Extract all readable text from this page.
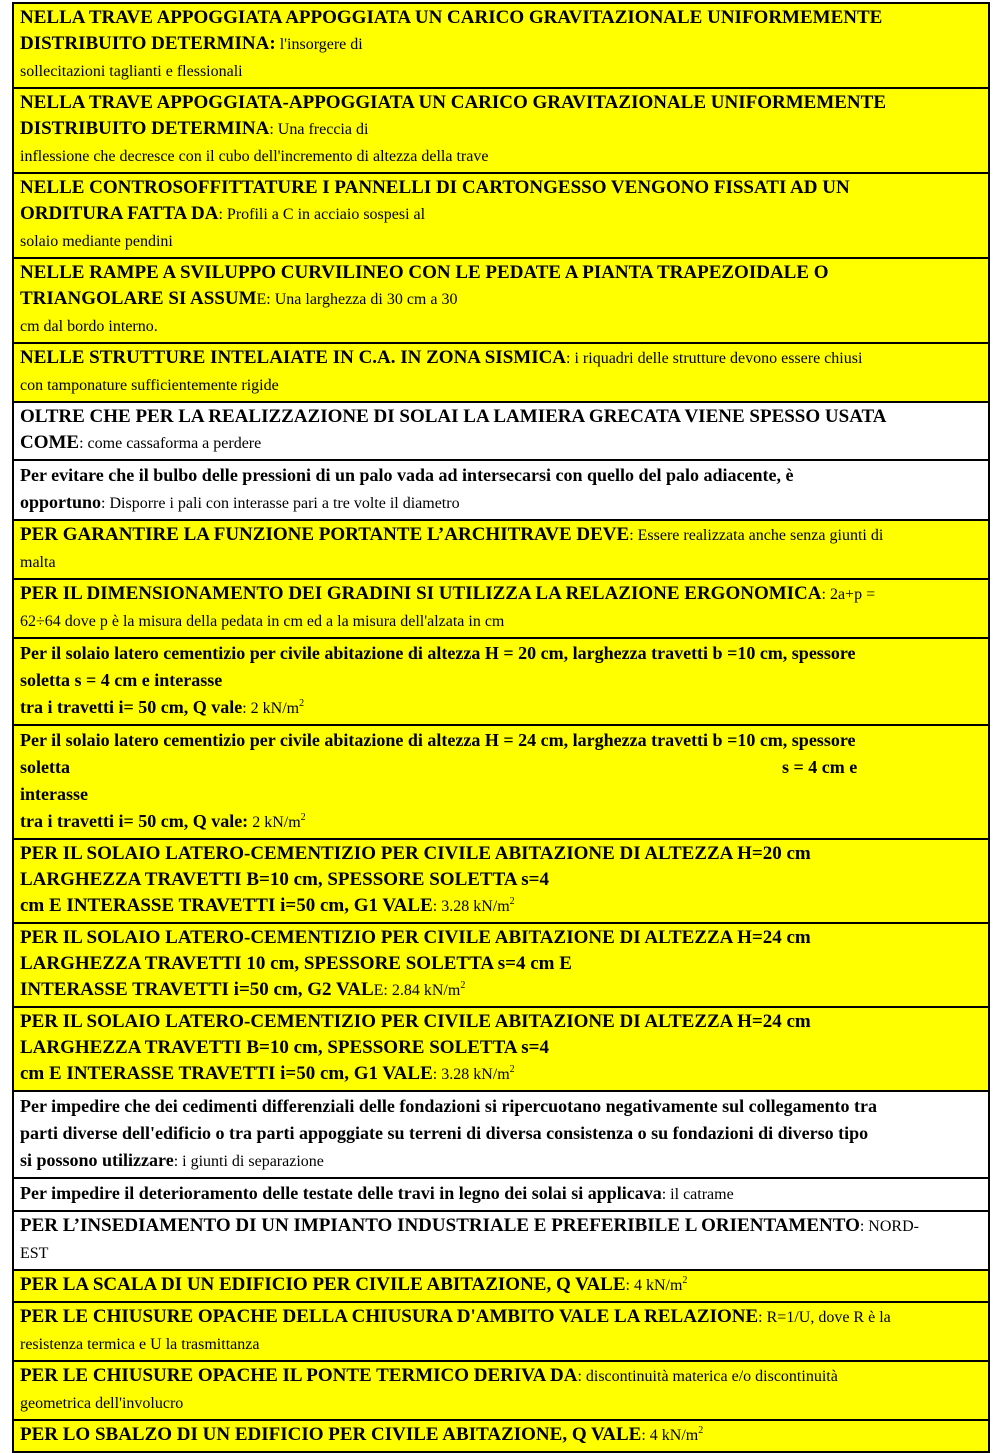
NELLA TRAVE APPOGGIATA APPOGGIATA UN CARICO GRAVITAZIONALE UNIFORMEMENTE
DISTRIBUITO DETERMINA: l'insorgere di
sollecitazioni taglianti e flessionali
NELLA TRAVE APPOGGIATA-APPOGGIATA UN CARICO GRAVITAZIONALE UNIFORMEMENTE
DISTRIBUITO DETERMINA: Una freccia di
inflessione che decresce con il cubo dell'incremento di altezza della trave
NELLE CONTROSOFFITTATURE I PANNELLI DI CARTONGESSO VENGONO FISSATI AD UN
ORDITURA FATTA DA: Profili a C in acciaio sospesi al
solaio mediante pendini
NELLE RAMPE A SVILUPPO CURVILINEO CON LE PEDATE A PIANTA TRAPEZOIDALE O
TRIANGOLARE SI ASSUME: Una larghezza di 30 cm a 30
cm dal bordo interno.
NELLE STRUTTURE INTELAIATE IN C.A. IN ZONA SISMICA: i riquadri delle strutture devono essere chiusi
con tamponature sufficientemente rigide
OLTRE CHE PER LA REALIZZAZIONE DI SOLAI LA LAMIERA GRECATA VIENE SPESSO USATA
COME: come cassaforma a perdere
Per evitare che il bulbo delle pressioni di un palo vada ad intersecarsi con quello del palo adiacente, è
opportuno: Disporre i pali con interasse pari a tre volte il diametro
PER GARANTIRE LA FUNZIONE PORTANTE L’ARCHITRAVE DEVE: Essere realizzata anche senza giunti di
malta
PER IL DIMENSIONAMENTO DEI GRADINI SI UTILIZZA LA RELAZIONE ERGONOMICA: 2a+p =
62÷64 dove p è la misura della pedata in cm ed a la misura dell'alzata in cm
Per il solaio latero cementizio per civile abitazione di altezza H = 20 cm, larghezza travetti b =10 cm, spessore
soletta s = 4 cm e interasse
tra i travetti i= 50 cm, Q vale: 2 $kN/m^2$
Per il solaio latero cementizio per civile abitazione di altezza H = 24 cm, larghezza travetti b =10 cm, spessore
soletta	s = 4 cm e
interasse
tra i travetti i= 50 cm, Q vale: 2 $kN/m^2$
PER IL SOLAIO LATERO-CEMENTIZIO PER CIVILE ABITAZIONE DI ALTEZZA H=20 cm
LARGHEZZA TRAVETTI B=10 cm, SPESSORE SOLETTA s=4
cm E INTERASSE TRAVETTI i=50 cm, G1 VALE: 3.28 $kN/m^2$
PER IL SOLAIO LATERO-CEMENTIZIO PER CIVILE ABITAZIONE DI ALTEZZA H=24 cm
LARGHEZZA TRAVETTI 10 cm, SPESSORE SOLETTA s=4 cm E
INTERASSE TRAVETTI i=50 cm, G2 VALE: 2.84 $kN/m^2$
PER IL SOLAIO LATERO-CEMENTIZIO PER CIVILE ABITAZIONE DI ALTEZZA H=24 cm
LARGHEZZA TRAVETTI B=10 cm, SPESSORE SOLETTA s=4
cm E INTERASSE TRAVETTI i=50 cm, G1 VALE: 3.28 $kN/m^2$
Per impedire che dei cedimenti differenziali delle fondazioni si ripercuotano negativamente sul collegamento tra
parti diverse dell'edificio o tra parti appoggiate su terreni di diversa consistenza o su fondazioni di diverso tipo
si possono utilizzare: i giunti di separazione
Per impedire il deterioramento delle testate delle travi in legno dei solai si applicava: il catrame
PER L’INSEDIAMENTO DI UN IMPIANTO INDUSTRIALE E PREFERIBILE L ORIENTAMENTO: NORD-
EST
PER LA SCALA DI UN EDIFICIO PER CIVILE ABITAZIONE, Q VALE: 4 $kN/m^2$
PER LE CHIUSURE OPACHE DELLA CHIUSURA D'AMBITO VALE LA RELAZIONE: R=1/U, dove R è la
resistenza termica e U la trasmittanza
PER LE CHIUSURE OPACHE IL PONTE TERMICO DERIVA DA: discontinuità materica e/o discontinuità
geometrica dell'involucro
PER LO SBALZO DI UN EDIFICIO PER CIVILE ABITAZIONE, Q VALE: 4 $kN/m^2$
